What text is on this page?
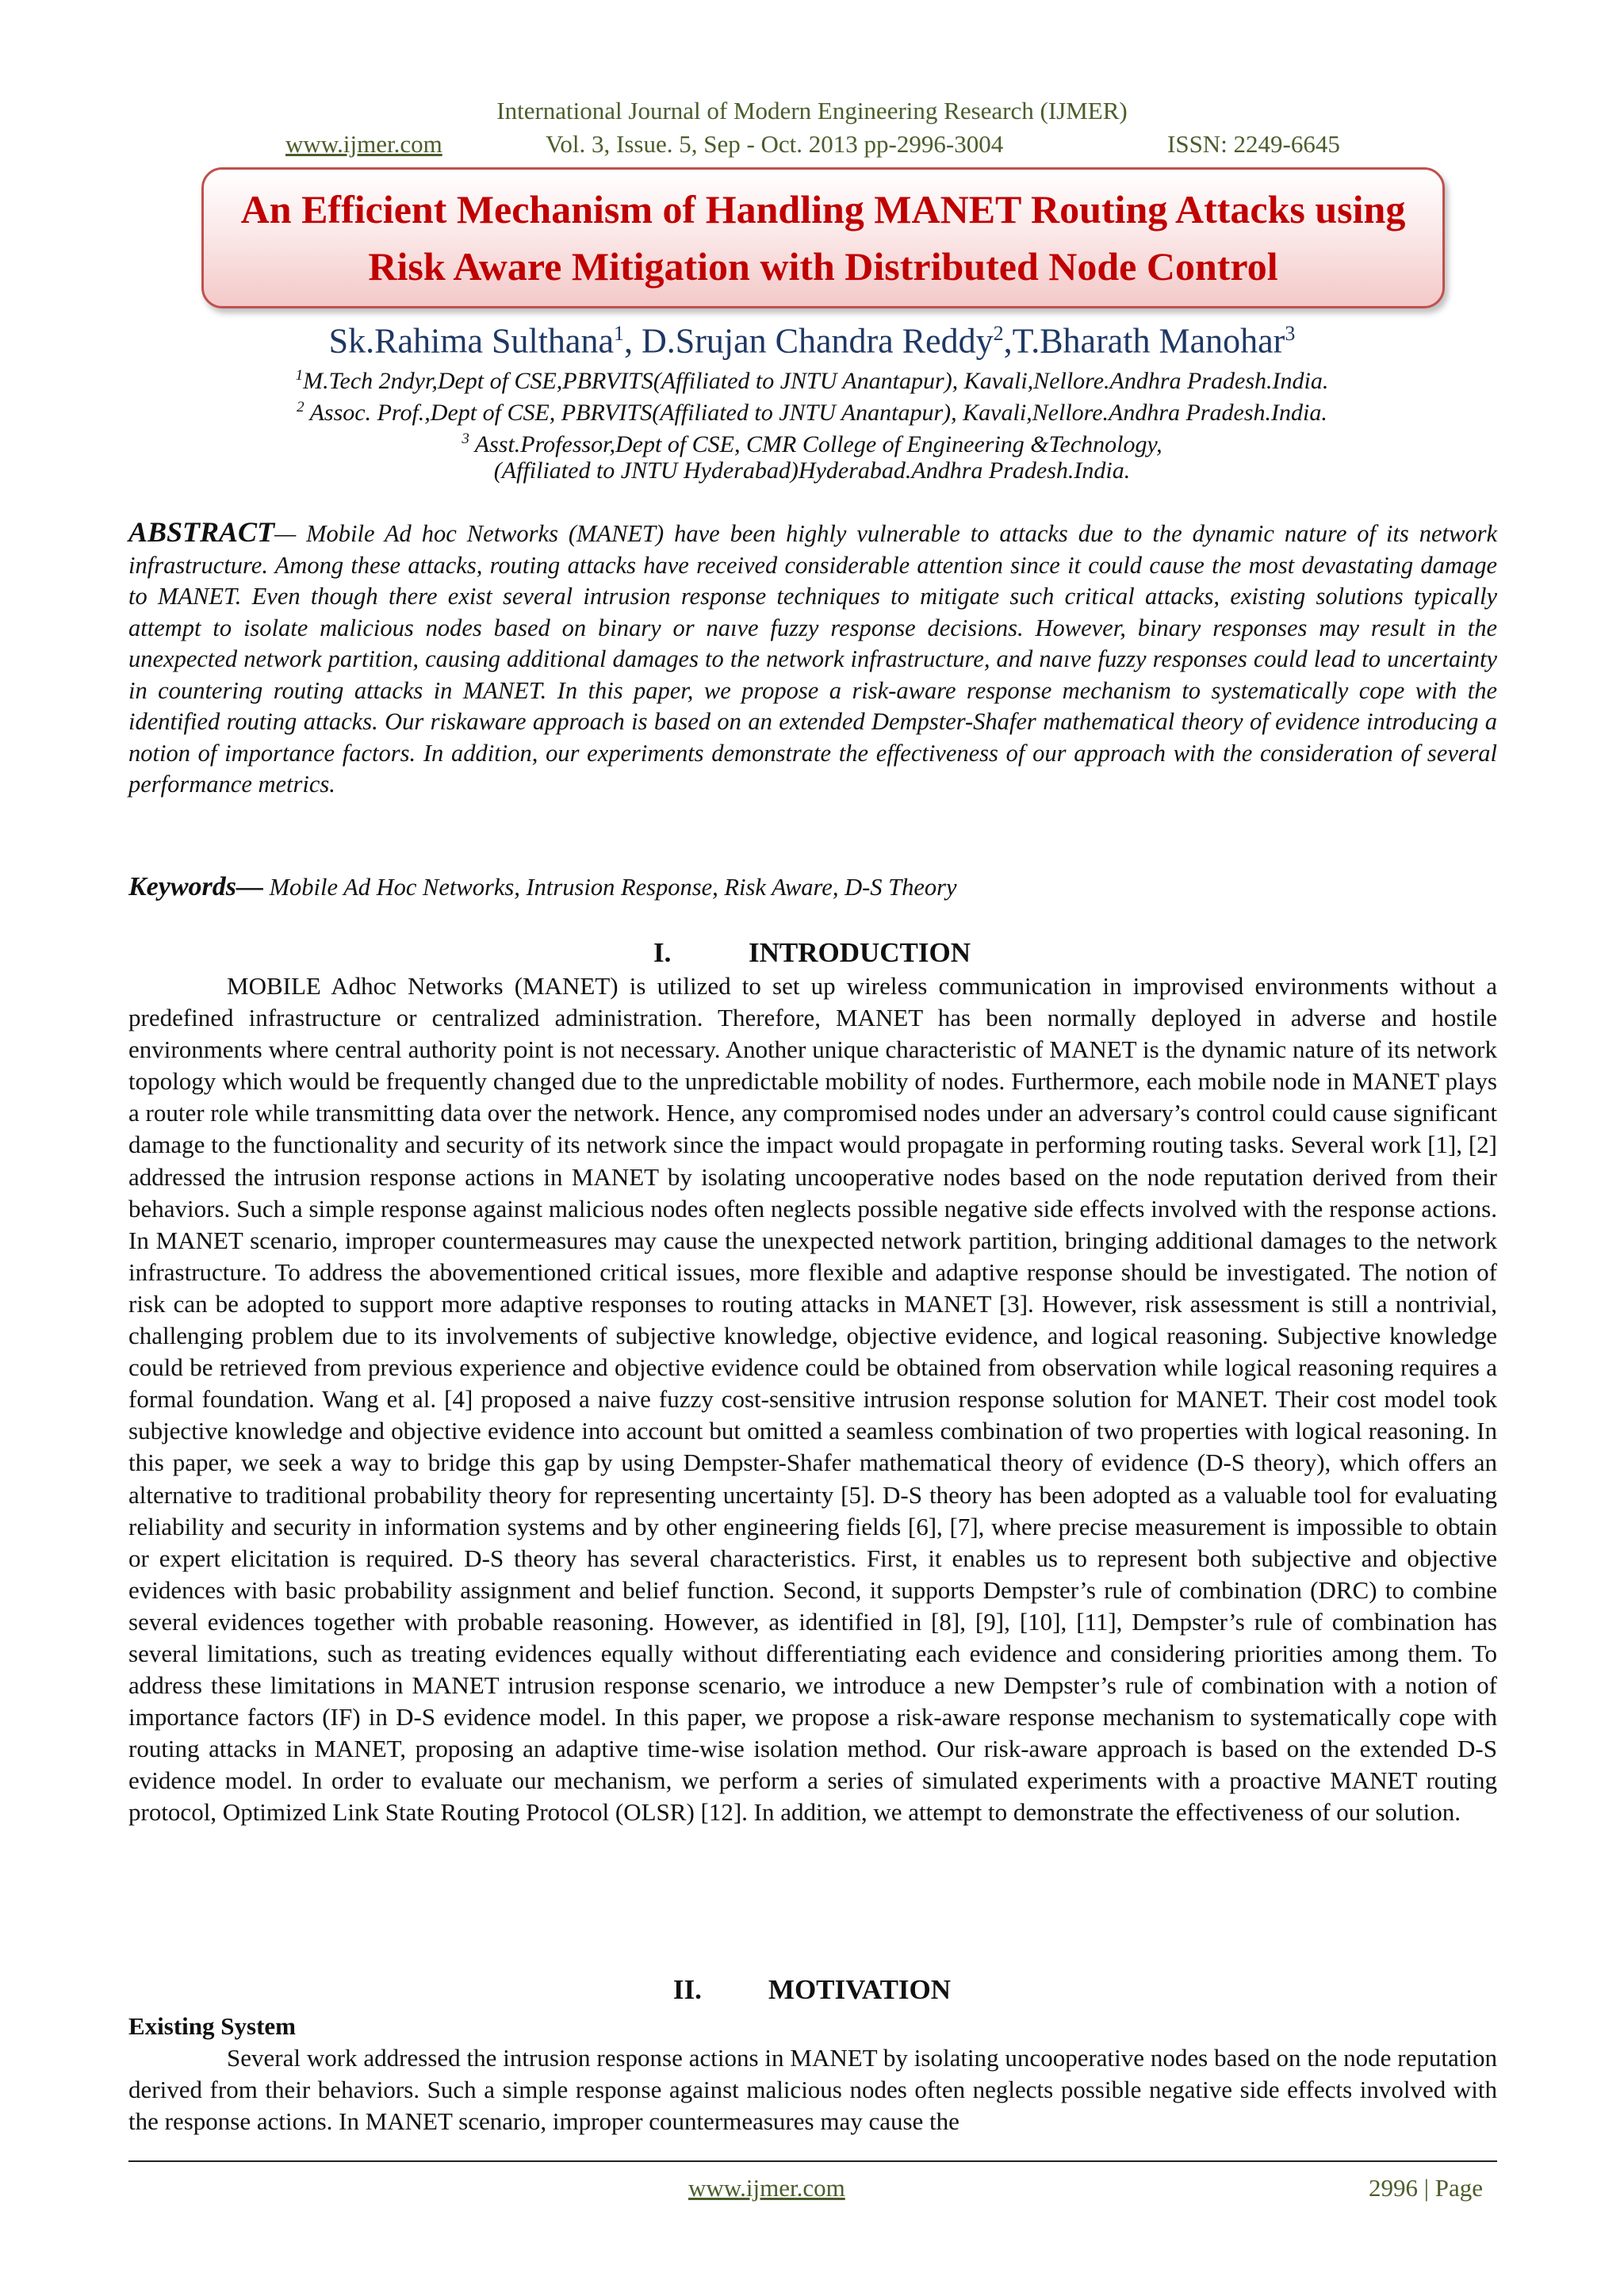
International Journal of Modern Engineering Research (IJMER)
www.ijmer.com	Vol. 3, Issue. 5, Sep - Oct. 2013 pp-2996-3004	ISSN: 2249-6645
An Efficient Mechanism of Handling MANET Routing Attacks using Risk Aware Mitigation with Distributed Node Control
Sk.Rahima Sulthana$^1$, D.Srujan Chandra Reddy$^2$,T.Bharath Manohar$^3$
$^1$M.Tech 2ndyr,Dept of CSE,PBRVITS(Affiliated to JNTU Anantapur), Kavali,Nellore.Andhra Pradesh.India.
$^2$ Assoc. Prof.,Dept of CSE, PBRVITS(Affiliated to JNTU Anantapur), Kavali,Nellore.Andhra Pradesh.India.
$^3$ Asst.Professor,Dept of CSE, CMR College of Engineering &Technology,
(Affiliated to JNTU Hyderabad)Hyderabad.Andhra Pradesh.India.

ABSTRACT— Mobile Ad hoc Networks (MANET) have been highly vulnerable to attacks due to the dynamic nature of its network infrastructure. Among these attacks, routing attacks have received considerable attention since it could cause the most devastating damage to MANET. Even though there exist several intrusion response techniques to mitigate such critical attacks, existing solutions typically attempt to isolate malicious nodes based on binary or naıve fuzzy response decisions. However, binary responses may result in the unexpected network partition, causing additional damages to the network infrastructure, and naıve fuzzy responses could lead to uncertainty in countering routing attacks in MANET. In this paper, we propose a risk-aware response mechanism to systematically cope with the identified routing attacks. Our riskaware approach is based on an extended Dempster-Shafer mathematical theory of evidence introducing a notion of importance factors. In addition, our experiments demonstrate the effectiveness of our approach with the consideration of several performance metrics.

Keywords— Mobile Ad Hoc Networks, Intrusion Response, Risk Aware, D-S Theory

I.	INTRODUCTION

MOBILE Adhoc Networks (MANET) is utilized to set up wireless communication in improvised environments without a predefined infrastructure or centralized administration. Therefore, MANET has been normally deployed in adverse and hostile environments where central authority point is not necessary. Another unique characteristic of MANET is the dynamic nature of its network topology which would be frequently changed due to the unpredictable mobility of nodes. Furthermore, each mobile node in MANET plays a router role while transmitting data over the network. Hence, any compromised nodes under an adversary’s control could cause significant damage to the functionality and security of its network since the impact would propagate in performing routing tasks. Several work [1], [2] addressed the intrusion response actions in MANET by isolating uncooperative nodes based on the node reputation derived from their behaviors. Such a simple response against malicious nodes often neglects possible negative side effects involved with the response actions. In MANET scenario, improper countermeasures may cause the unexpected network partition, bringing additional damages to the network infrastructure. To address the abovementioned critical issues, more flexible and adaptive response should be investigated. The notion of risk can be adopted to support more adaptive responses to routing attacks in MANET [3]. However, risk assessment is still a nontrivial, challenging problem due to its involvements of subjective knowledge, objective evidence, and logical reasoning. Subjective knowledge could be retrieved from previous experience and objective evidence could be obtained from observation while logical reasoning requires a formal foundation. Wang et al. [4] proposed a naive fuzzy cost-sensitive intrusion response solution for MANET. Their cost model took subjective knowledge and objective evidence into account but omitted a seamless combination of two properties with logical reasoning. In this paper, we seek a way to bridge this gap by using Dempster-Shafer mathematical theory of evidence (D-S theory), which offers an alternative to traditional probability theory for representing uncertainty [5]. D-S theory has been adopted as a valuable tool for evaluating reliability and security in information systems and by other engineering fields [6], [7], where precise measurement is impossible to obtain or expert elicitation is required. D-S theory has several characteristics. First, it enables us to represent both subjective and objective evidences with basic probability assignment and belief function. Second, it supports Dempster’s rule of combination (DRC) to combine several evidences together with probable reasoning. However, as identified in [8], [9], [10], [11], Dempster’s rule of combination has several limitations, such as treating evidences equally without differentiating each evidence and considering priorities among them. To address these limitations in MANET intrusion response scenario, we introduce a new Dempster’s rule of combination with a notion of importance factors (IF) in D-S evidence model. In this paper, we propose a risk-aware response mechanism to systematically cope with routing attacks in MANET, proposing an adaptive time-wise isolation method. Our risk-aware approach is based on the extended D-S evidence model. In order to evaluate our mechanism, we perform a series of simulated experiments with a proactive MANET routing protocol, Optimized Link State Routing Protocol (OLSR) [12]. In addition, we attempt to demonstrate the effectiveness of our solution.

II. MOTIVATION
Existing System

Several work addressed the intrusion response actions in MANET by isolating uncooperative nodes based on the node reputation derived from their behaviors. Such a simple response against malicious nodes often neglects possible negative side effects involved with the response actions. In MANET scenario, improper countermeasures may cause the

www.ijmer.com	2996 | Page
